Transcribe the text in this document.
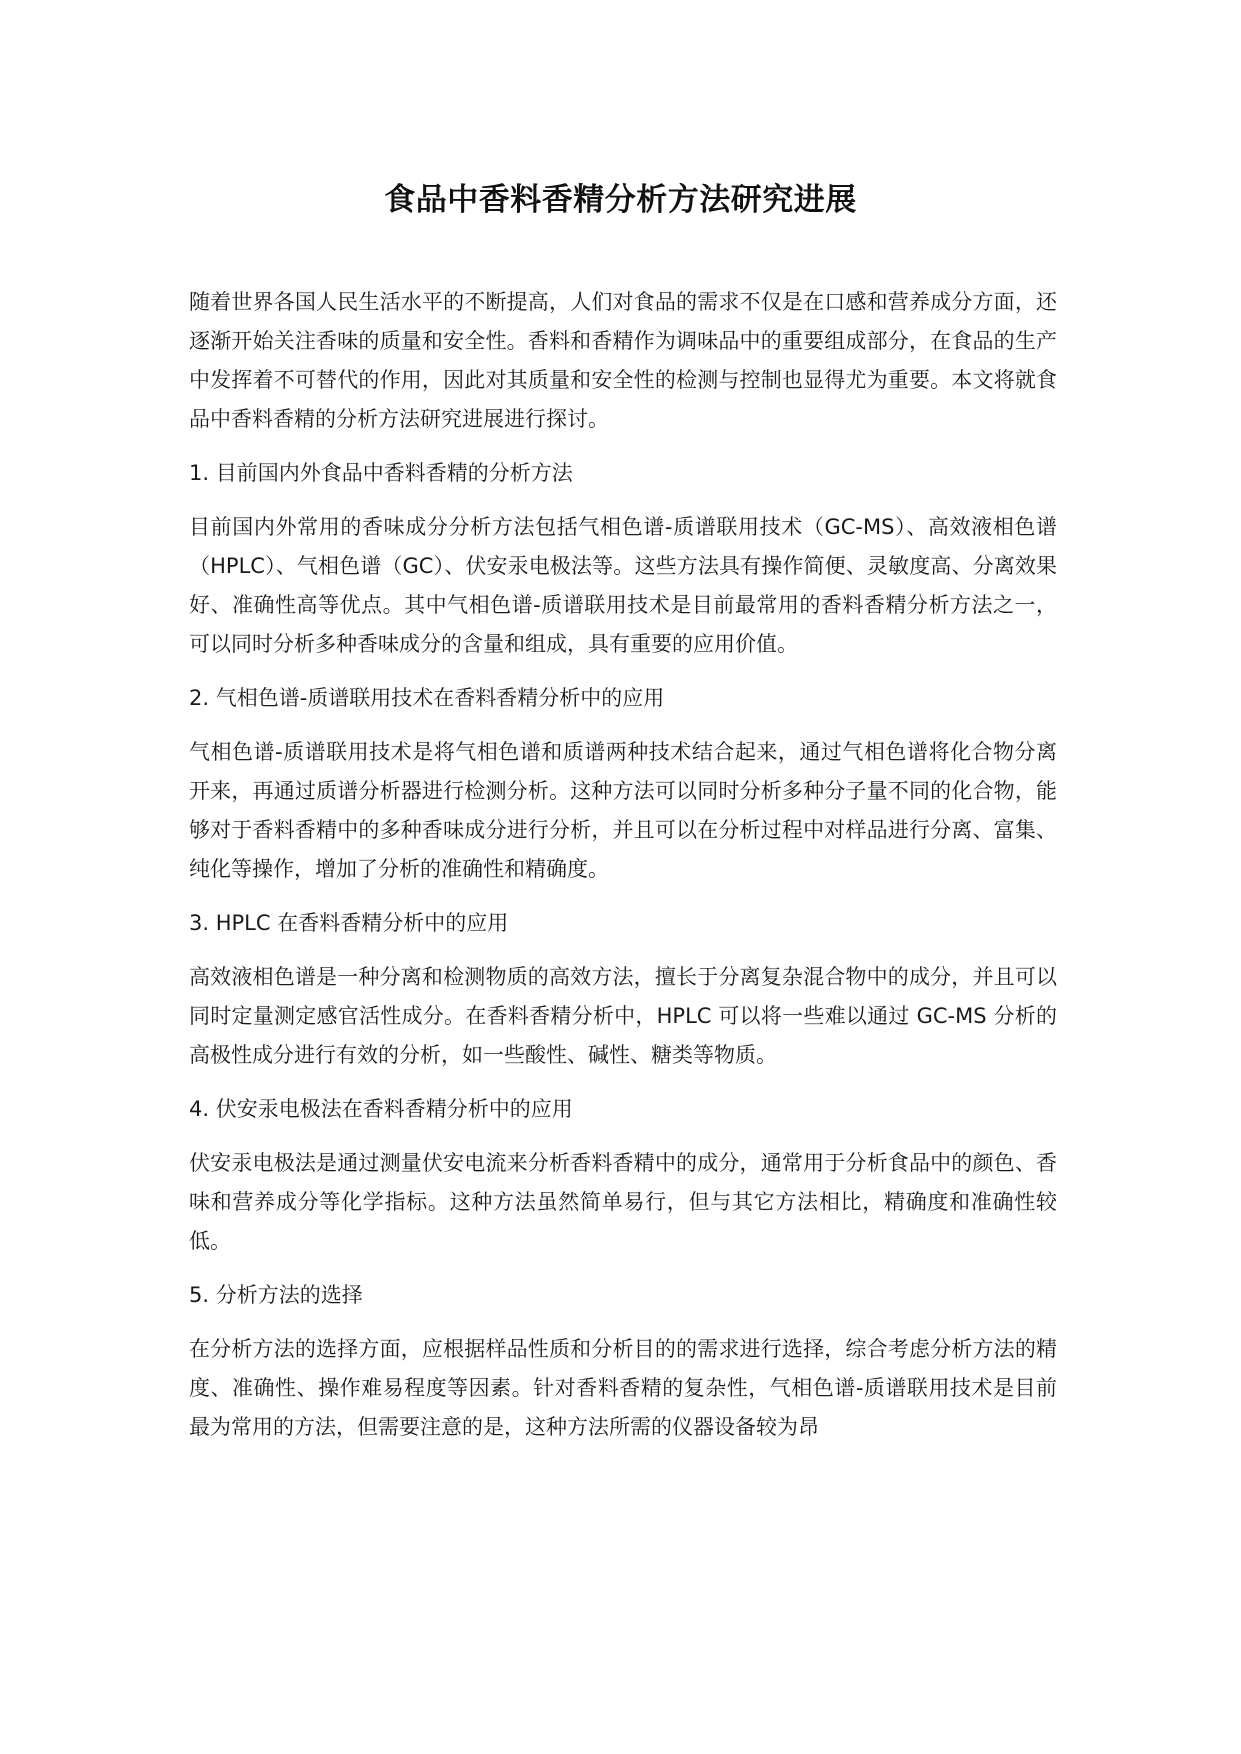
食品中香料香精分析方法研究进展

随着世界各国人民生活水平的不断提高，人们对食品的需求不仅是在口感和营养成分方面，还逐渐开始关注香味的质量和安全性。香料和香精作为调味品中的重要组成部分，在食品的生产中发挥着不可替代的作用，因此对其质量和安全性的检测与控制也显得尤为重要。本文将就食品中香料香精的分析方法研究进展进行探讨。

1. 目前国内外食品中香料香精的分析方法

目前国内外常用的香味成分分析方法包括气相色谱-质谱联用技术（GC-MS）、高效液相色谱（HPLC）、气相色谱（GC）、伏安汞电极法等。这些方法具有操作简便、灵敏度高、分离效果好、准确性高等优点。其中气相色谱-质谱联用技术是目前最常用的香料香精分析方法之一，可以同时分析多种香味成分的含量和组成，具有重要的应用价值。

2. 气相色谱-质谱联用技术在香料香精分析中的应用

气相色谱-质谱联用技术是将气相色谱和质谱两种技术结合起来，通过气相色谱将化合物分离开来，再通过质谱分析器进行检测分析。这种方法可以同时分析多种分子量不同的化合物，能够对于香料香精中的多种香味成分进行分析，并且可以在分析过程中对样品进行分离、富集、纯化等操作，增加了分析的准确性和精确度。

3. HPLC 在香料香精分析中的应用

高效液相色谱是一种分离和检测物质的高效方法，擅长于分离复杂混合物中的成分，并且可以同时定量测定感官活性成分。在香料香精分析中，HPLC 可以将一些难以通过 GC-MS 分析的高极性成分进行有效的分析，如一些酸性、碱性、糖类等物质。

4. 伏安汞电极法在香料香精分析中的应用

伏安汞电极法是通过测量伏安电流来分析香料香精中的成分，通常用于分析食品中的颜色、香味和营养成分等化学指标。这种方法虽然简单易行，但与其它方法相比，精确度和准确性较低。

5. 分析方法的选择

在分析方法的选择方面，应根据样品性质和分析目的的需求进行选择，综合考虑分析方法的精度、准确性、操作难易程度等因素。针对香料香精的复杂性，气相色谱-质谱联用技术是目前最为常用的方法，但需要注意的是，这种方法所需的仪器设备较为昂
